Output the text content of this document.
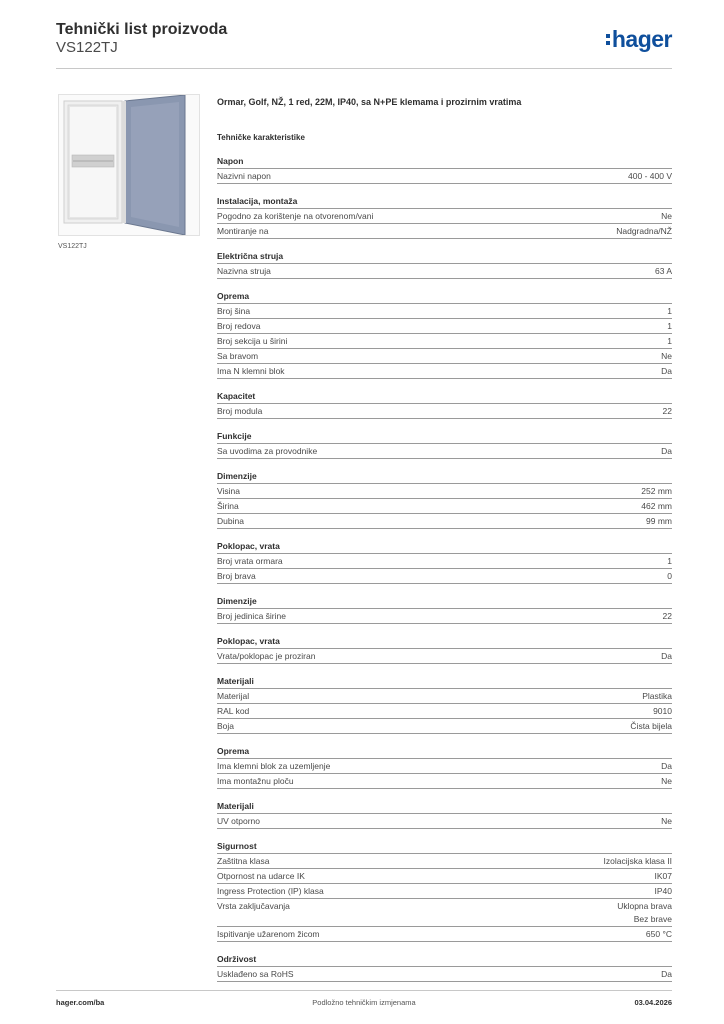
Tehnički list proizvoda
VS122TJ	hager
VS122TJ
Ormar, Golf, NŽ, 1 red, 22M, IP40, sa N+PE klemama i prozirnim vratima
Tehničke karakteristike
Napon
Nazivni napon	400 - 400 V
Instalacija, montaža
Pogodno za korištenje na otvorenom/vani	Ne
Montiranje na	Nadgradna/NŽ
Električna struja
Nazivna struja	63 A
Oprema
Broj šina	1
Broj redova	1
Broj sekcija u širini	1
Sa bravom	Ne
Ima N klemni blok	Da
Kapacitet
Broj modula	22
Funkcije
Sa uvodima za provodnike	Da
Dimenzije
Visina	252 mm
Širina	462 mm
Dubina	99 mm
Poklopac, vrata
Broj vrata ormara	1
Broj brava	0
Dimenzije
Broj jedinica širine	22
Poklopac, vrata
Vrata/poklopac je proziran	Da
Materijali
Materijal	Plastika
RAL kod	9010
Boja	Čista bijela
Oprema
Ima klemni blok za uzemljenje	Da
Ima montažnu ploču	Ne
Materijali
UV otporno	Ne
Sigurnost
Zaštitna klasa	Izolacijska klasa II
Otpornost na udarce IK	IK07
Ingress Protection (IP) klasa	IP40
Vrsta zaključavanja	Uklopna brava
Bez brave
Ispitivanje užarenom žicom	650 °C
Održivost
Usklađeno sa RoHS	Da
hager.com/ba	Podložno tehničkim izmjenama	03.04.2026
